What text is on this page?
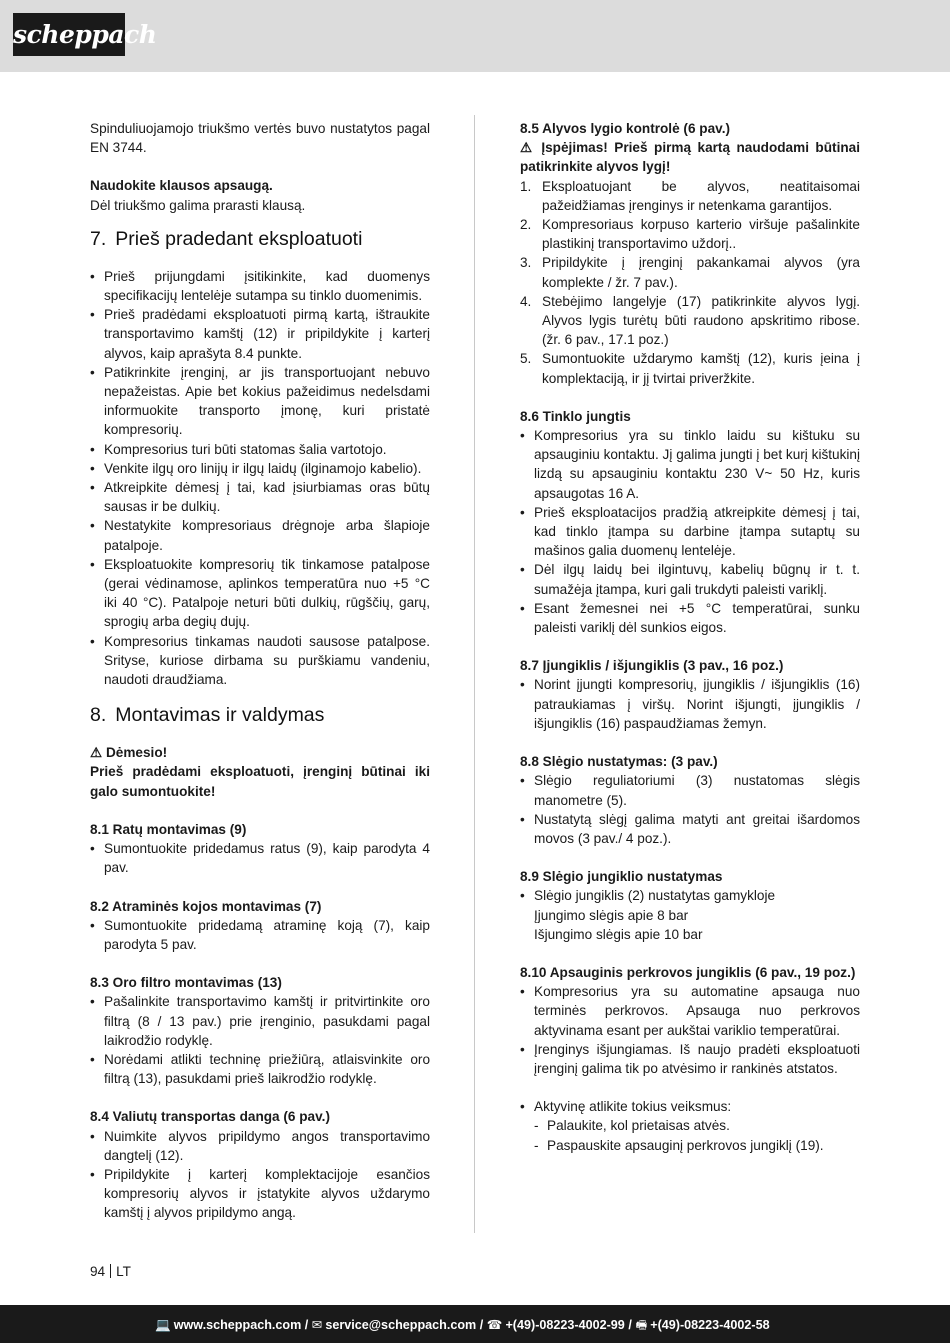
scheppach

Spinduliuojamojo triukšmo vertės buvo nustatytos pagal EN 3744.

Naudokite klausos apsaugą.

Dėl triukšmo galima prarasti klausą.

7. Prieš pradedant eksploatuoti
• Prieš prijungdami įsitikinkite, kad duomenys specifikacijų lentelėje sutampa su tinklo duomenimis.
• Prieš pradėdami eksploatuoti pirmą kartą, ištraukite transportavimo kamštį (12) ir pripildykite į karterį alyvos, kaip aprašyta 8.4 punkte.
• Patikrinkite įrenginį, ar jis transportuojant nebuvo nepažeistas. Apie bet kokius pažeidimus nedelsdami informuokite transporto įmonę, kuri pristatė kompresorių.
• Kompresorius turi būti statomas šalia vartotojo.
• Venkite ilgų oro linijų ir ilgų laidų (ilginamojo kabelio).
• Atkreipkite dėmesį į tai, kad įsiurbiamas oras būtų sausas ir be dulkių.
• Nestatykite kompresoriaus drėgnoje arba šlapioje patalpoje.
• Eksploatuokite kompresorių tik tinkamose patalpose (gerai vėdinamose, aplinkos temperatūra nuo +5 °C iki 40 °C). Patalpoje neturi būti dulkių, rūgščių, garų, sprogių arba degių dujų.
• Kompresorius tinkamas naudoti sausose patalpose. Srityse, kuriose dirbama su purškiamu vandeniu, naudoti draudžiama.
8. Montavimas ir valdymas

⚠ Dėmesio!

Prieš pradėdami eksploatuoti, įrenginį būtinai iki galo sumontuokite!

8.1 Ratų montavimas (9)
• Sumontuokite pridedamus ratus (9), kaip parodyta 4 pav.
8.2 Atraminės kojos montavimas (7)
• Sumontuokite pridedamą atraminę koją (7), kaip parodyta 5 pav.
8.3 Oro filtro montavimas (13)
• Pašalinkite transportavimo kamštį ir pritvirtinkite oro filtrą (8 / 13 pav.) prie įrenginio, pasukdami pagal laikrodžio rodyklę.
• Norėdami atlikti techninę priežiūrą, atlaisvinkite oro filtrą (13), pasukdami prieš laikrodžio rodyklę.
8.4 Valiutų transportas danga (6 pav.)
• Nuimkite alyvos pripildymo angos transportavimo dangtelį (12).
• Pripildykite į karterį komplektacijoje esančios kompresorių alyvos ir įstatykite alyvos uždarymo kamštį į alyvos pripildymo angą.
8.5 Alyvos lygio kontrolė (6 pav.)

⚠ Įspėjimas! Prieš pirmą kartą naudodami būtinai patikrinkite alyvos lygį!

1. Eksploatuojant be alyvos, neatitaisomai pažeidžiamas įrenginys ir netenkama garantijos.
2. Kompresoriaus korpuso karterio viršuje pašalinkite plastikinį transportavimo uždorį..
3. Pripildykite į įrenginį pakankamai alyvos (yra komplekte / žr. 7 pav.).
4. Stebėjimo langelyje (17) patikrinkite alyvos lygį. Alyvos lygis turėtų būti raudono apskritimo ribose. (žr. 6 pav., 17.1 poz.)
5. Sumontuokite uždarymo kamštį (12), kuris įeina į komplektaciją, ir jį tvirtai priveržkite.
8.6 Tinklo jungtis
• Kompresorius yra su tinklo laidu su kištuku su apsauginiu kontaktu. Jį galima jungti į bet kurį kištukinį lizdą su apsauginiu kontaktu 230 V~ 50 Hz, kuris apsaugotas 16 A.
• Prieš eksploatacijos pradžią atkreipkite dėmesį į tai, kad tinklo įtampa su darbine įtampa sutaptų su mašinos galia duomenų lentelėje.
• Dėl ilgų laidų bei ilgintuvų, kabelių būgnų ir t. t. sumažėja įtampa, kuri gali trukdyti paleisti variklį.
• Esant žemesnei nei +5 °C temperatūrai, sunku paleisti variklį dėl sunkios eigos.
8.7 Įjungiklis / išjungiklis (3 pav., 16 poz.)
• Norint įjungti kompresorių, įjungiklis / išjungiklis (16) patraukiamas į viršų. Norint išjungti, įjungiklis / išjungiklis (16) paspaudžiamas žemyn.
8.8 Slėgio nustatymas: (3 pav.)
• Slėgio reguliatoriumi (3) nustatomas slėgis manometre (5).
• Nustatytą slėgį galima matyti ant greitai išardomos movos (3 pav./ 4 poz.).
8.9 Slėgio jungiklio nustatymas
• Slėgio jungiklis (2) nustatytas gamykloje

Įjungimo slėgis apie 8 bar

Išjungimo slėgis apie 10 bar

8.10 Apsauginis perkrovos jungiklis (6 pav., 19 poz.)
• Kompresorius yra su automatine apsauga nuo terminės perkrovos. Apsauga nuo perkrovos aktyvinama esant per aukštai variklio temperatūrai.
• Įrenginys išjungiamas. Iš naujo pradėti eksploatuoti įrenginį galima tik po atvėsimo ir rankinės atstatos.
• Aktyvinę atlikite tokius veiksmus:
- Palaukite, kol prietaisas atvės.
- Paspauskite apsauginį perkrovos jungiklį (19).
94 LT
💻 www.scheppach.com / ✉ service@scheppach.com / ☎ +(49)-08223-4002-99 / 🖷 +(49)-08223-4002-58
